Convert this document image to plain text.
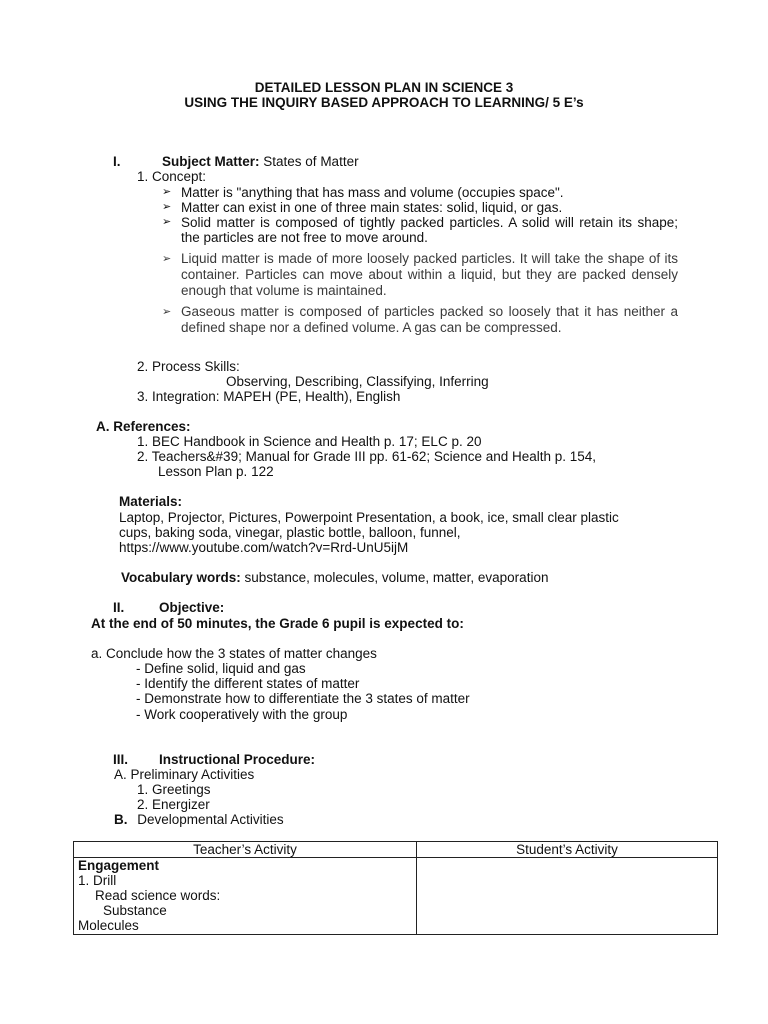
DETAILED LESSON PLAN IN SCIENCE 3
USING THE INQUIRY BASED APPROACH TO LEARNING/ 5 E’s
I.	Subject Matter: States of Matter
1. Concept:
➢ Matter is "anything that has mass and volume (occupies space".
➢ Matter can exist in one of three main states: solid, liquid, or gas.
➢ Solid matter is composed of tightly packed particles. A solid will retain its shape; the particles are not free to move around.
➢ Liquid matter is made of more loosely packed particles. It will take the shape of its container. Particles can move about within a liquid, but they are packed densely enough that volume is maintained.
➢ Gaseous matter is composed of particles packed so loosely that it has neither a defined shape nor a defined volume. A gas can be compressed.
2. Process Skills:
Observing, Describing, Classifying, Inferring
3. Integration: MAPEH (PE, Health), English
A. References:
1. BEC Handbook in Science and Health p. 17; ELC p. 20
2. Teachers&#39; Manual for Grade III pp. 61-62; Science and Health p. 154,
Lesson Plan p. 122
Materials:
Laptop, Projector, Pictures, Powerpoint Presentation, a book, ice, small clear plastic
cups, baking soda, vinegar, plastic bottle, balloon, funnel,
https://www.youtube.com/watch?v=Rrd-UnU5ijM
Vocabulary words: substance, molecules, volume, matter, evaporation
II.	Objective:
At the end of 50 minutes, the Grade 6 pupil is expected to:
a. Conclude how the 3 states of matter changes
- Define solid, liquid and gas
- Identify the different states of matter
- Demonstrate how to differentiate the 3 states of matter
- Work cooperatively with the group
III. Instructional Procedure:
A. Preliminary Activities
1. Greetings
2. Energizer
B. Developmental Activities
Teacher’s Activity	Student’s Activity

Engagement
1. Drill
Read science words:
Substance
Molecules	
